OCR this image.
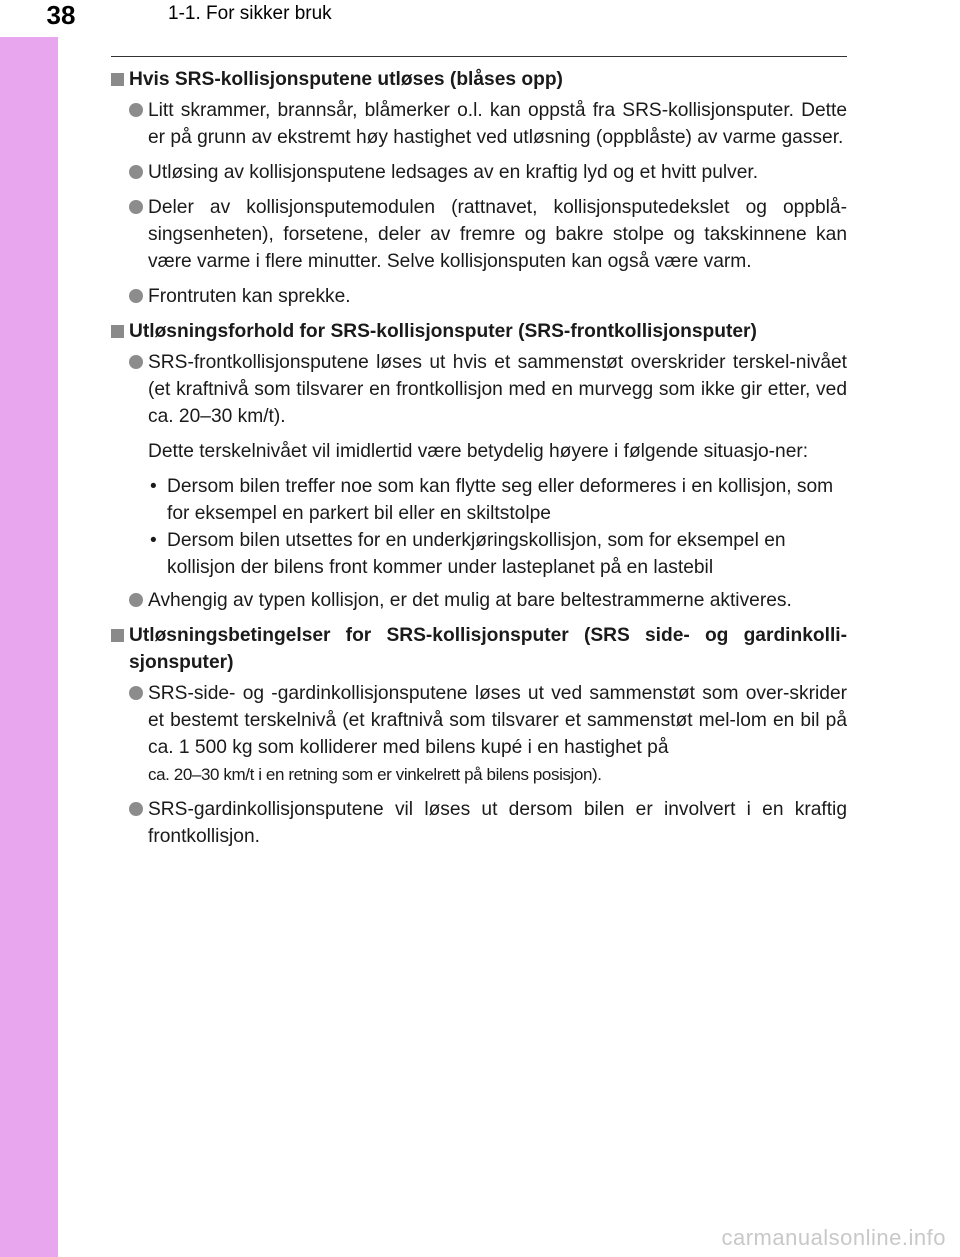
38	1-1. For sikker bruk
Hvis SRS-kollisjonsputene utløses (blåses opp)
Litt skrammer, brannsår, blåmerker o.l. kan oppstå fra SRS-kollisjonsputer. Dette er på grunn av ekstremt høy hastighet ved utløsning (oppblåste) av varme gasser.
Utløsing av kollisjonsputene ledsages av en kraftig lyd og et hvitt pulver.
Deler av kollisjonsputemodulen (rattnavet, kollisjonsputedekslet og oppblå-singsenheten), forsetene, deler av fremre og bakre stolpe og takskinnene kan være varme i flere minutter. Selve kollisjonsputen kan også være varm.
Frontruten kan sprekke.
Utløsningsforhold for SRS-kollisjonsputer (SRS-frontkollisjonsputer)
SRS-frontkollisjonsputene løses ut hvis et sammenstøt overskrider terskel-nivået (et kraftnivå som tilsvarer en frontkollisjon med en murvegg som ikke gir etter, ved ca. 20–30 km/t).
Dette terskelnivået vil imidlertid være betydelig høyere i følgende situasjo-ner:
• Dersom bilen treffer noe som kan flytte seg eller deformeres i en kollisjon, som for eksempel en parkert bil eller en skiltstolpe
• Dersom bilen utsettes for en underkjøringskollisjon, som for eksempel en kollisjon der bilens front kommer under lasteplanet på en lastebil
Avhengig av typen kollisjon, er det mulig at bare beltestrammerne aktiveres.
Utløsningsbetingelser for SRS-kollisjonsputer (SRS side- og gardinkolli-sjonsputer)
SRS-side- og -gardinkollisjonsputene løses ut ved sammenstøt som over-skrider et bestemt terskelnivå (et kraftnivå som tilsvarer et sammenstøt mel-lom en bil på ca. 1 500 kg som kolliderer med bilens kupé i en hastighet på
ca. 20–30 km/t i en retning som er vinkelrett på bilens posisjon).
SRS-gardinkollisjonsputene vil løses ut dersom bilen er involvert i en kraftig frontkollisjon.
carmanualsonline.info
